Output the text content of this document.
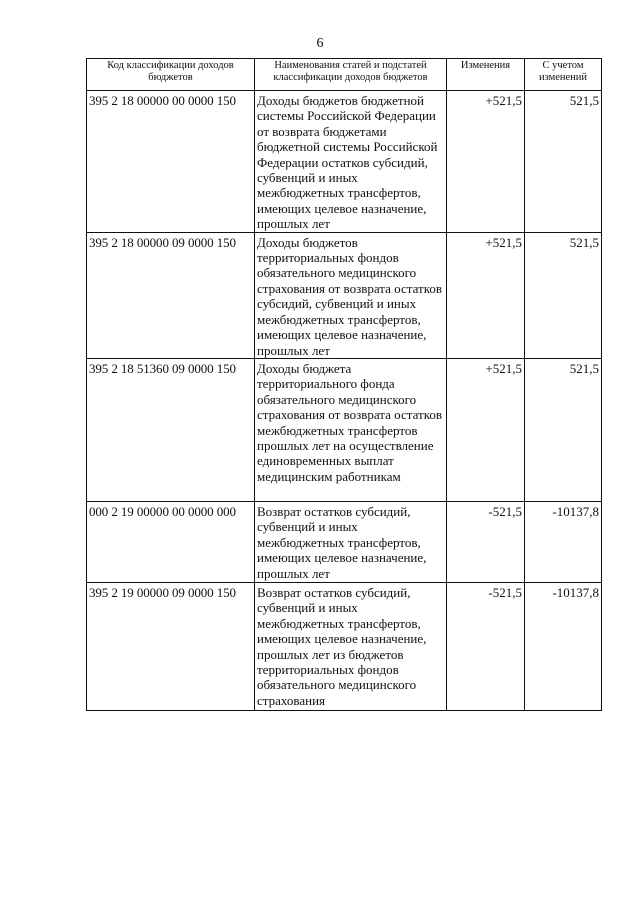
6
Код классификации доходов бюджетов	Наименования статей и подстатей классификации доходов бюджетов	Изменения	С учетом изменений
395 2 18 00000 00 0000 150	Доходы бюджетов бюджетной системы Российской Федерации от возврата бюджетами бюджетной системы Российской Федерации остатков субсидий, субвенций и иных межбюджетных трансфертов, имеющих целевое назначение, прошлых лет	+521,5	521,5
395 2 18 00000 09 0000 150	Доходы бюджетов территориальных фондов обязательного медицинского страхования от возврата остатков субсидий, субвенций и иных межбюджетных трансфертов, имеющих целевое назначение, прошлых лет	+521,5	521,5
395 2 18 51360 09 0000 150	Доходы бюджета территориального фонда обязательного медицинского страхования от возврата остатков межбюджетных трансфертов прошлых лет на осуществление единовременных выплат медицинским работникам	+521,5	521,5
000 2 19 00000 00 0000 000	Возврат остатков субсидий, субвенций и иных межбюджетных трансфертов, имеющих целевое назначение, прошлых лет	-521,5	-10137,8
395 2 19 00000 09 0000 150	Возврат остатков субсидий, субвенций и иных межбюджетных трансфертов, имеющих целевое назначение, прошлых лет из бюджетов территориальных фондов обязательного медицинского страхования	-521,5	-10137,8
